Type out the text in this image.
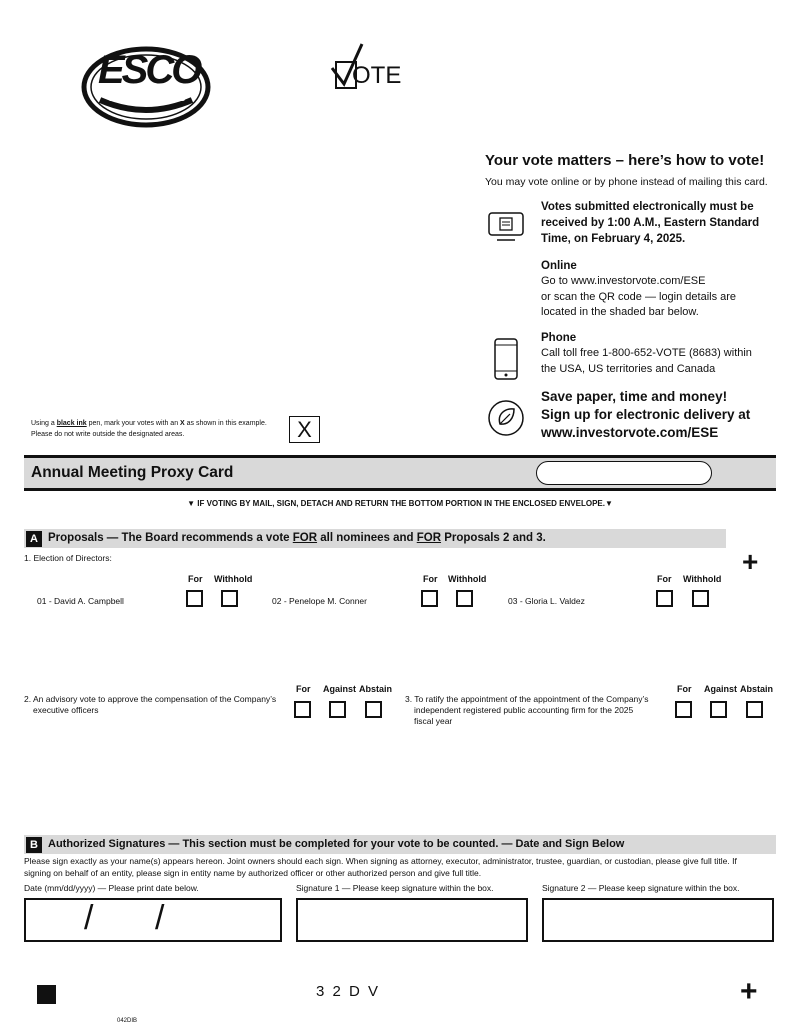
ESCO
TECHNOLOGIES
OTE
Your vote matters – here’s how to vote!
You may vote online or by phone instead of mailing this card.
Votes submitted electronically must be
received by 1:00 A.M., Eastern Standard
Time, on February 4, 2025.
Online
Go to www.investorvote.com/ESE
or scan the QR code — login details are
located in the shaded bar below.
Phone
Call toll free 1-800-652-VOTE (8683) within
the USA, US territories and Canada
Save paper, time and money!
Sign up for electronic delivery at
www.investorvote.com/ESE
Using a black ink pen, mark your votes with an X as shown in this example.
Please do not write outside the designated areas.	X
Annual Meeting Proxy Card
▼ IF VOTING BY MAIL, SIGN, DETACH AND RETURN THE BOTTOM PORTION IN THE ENCLOSED ENVELOPE.▼
A Proposals — The Board recommends a vote FOR all nominees and FOR Proposals 2 and 3.
+
1. Election of Directors:
For Withhold
01 - David A. Campbell
For Withhold
02 - Penelope M. Conner
For Withhold
03 - Gloria L. Valdez
2. An advisory vote to approve the compensation of the Company’s
executive officers
For Against Abstain
3. To ratify the appointment of the appointment of the Company’s
independent registered public accounting firm for the 2025
fiscal year
For Against Abstain
B Authorized Signatures — This section must be completed for your vote to be counted. — Date and Sign Below
Please sign exactly as your name(s) appears hereon. Joint owners should each sign. When signing as attorney, executor, administrator, trustee, guardian, or custodian, please give full title. If
signing on behalf of an entity, please sign in entity name by authorized officer or other authorized person and give full title.
Date (mm/dd/yyyy) — Please print date below.	Signature 1 — Please keep signature within the box.	Signature 2 — Please keep signature within the box.
/ /
3 2 D V	+
042DIB
